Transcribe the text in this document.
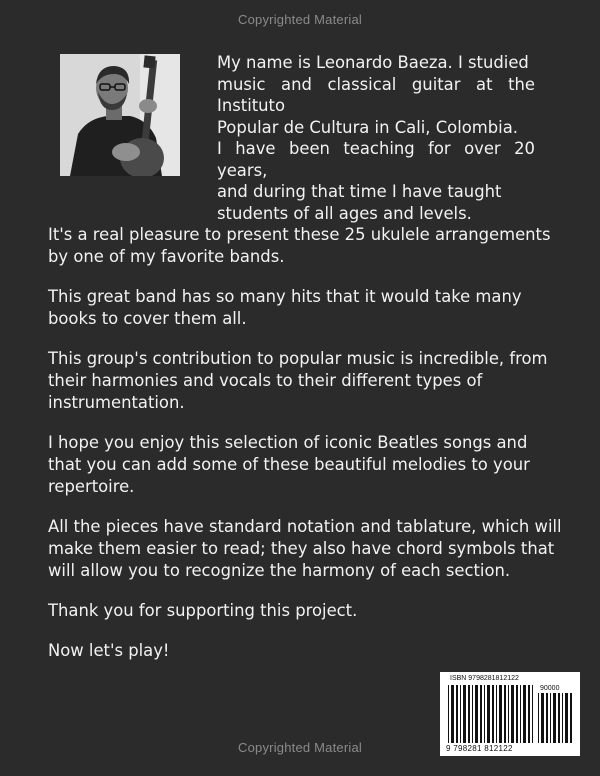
Copyrighted Material
My name is Leonardo Baeza. I studied
music and classical guitar at the Instituto
Popular de Cultura in Cali, Colombia.
I have been teaching for over 20 years,
and during that time I have taught
students of all ages and levels.

It's a real pleasure to present these 25 ukulele arrangements by one of my favorite bands.

This great band has so many hits that it would take many books to cover them all.

This group's contribution to popular music is incredible, from their harmonies and vocals to their different types of instrumentation.

I hope you enjoy this selection of iconic Beatles songs and that you can add some of these beautiful melodies to your repertoire.

All the pieces have standard notation and tablature, which will make them easier to read; they also have chord symbols that will allow you to recognize the harmony of each section.

Thank you for supporting this project.

Now let's play!

ISBN 9798281812122
90000
9 798281 812122
Copyrighted Material
